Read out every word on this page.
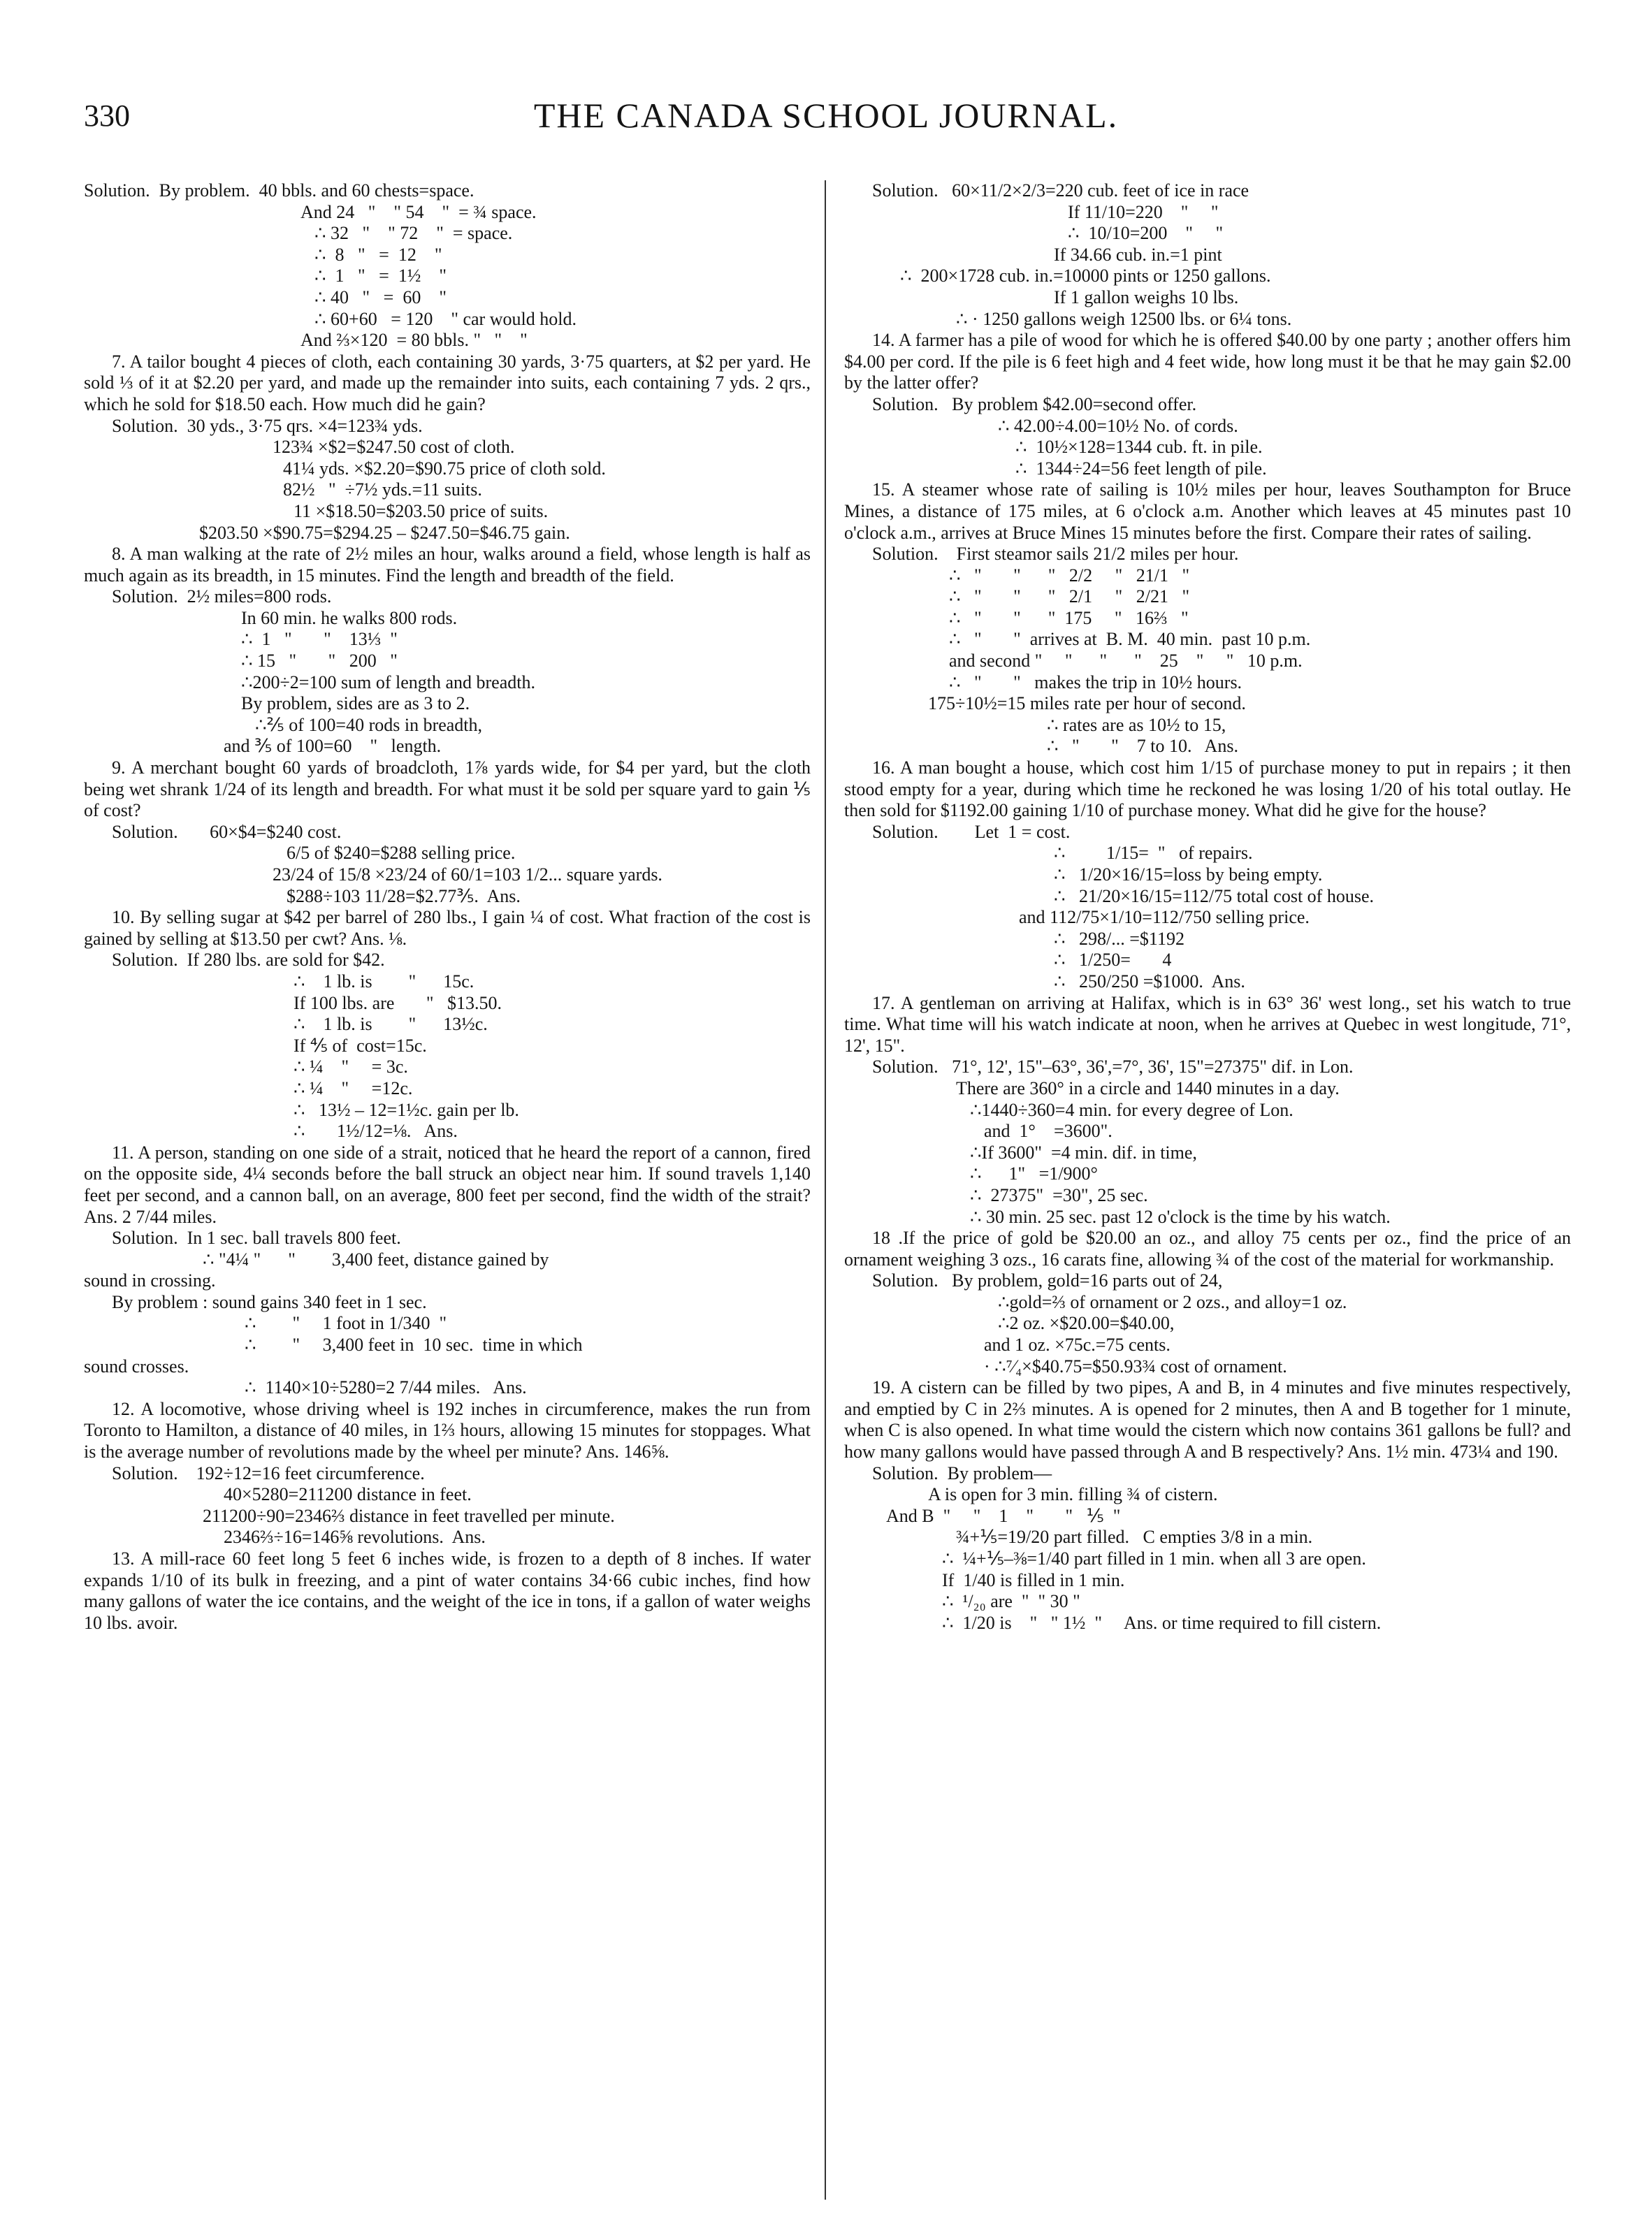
330	THE CANADA SCHOOL JOURNAL.
Solution.  By problem.  40 bbls. and 60 chests=space.
And 24   "    " 54    "  = ¾ space.
∴ 32   "    " 72    "  = space.
∴  8   "   =  12    "
∴  1   "   =  1½    "
∴ 40   "   =  60    "
∴ 60+60   = 120    " car would hold.
And ⅔×120  = 80 bbls. "   "    "
7. A tailor bought 4 pieces of cloth, each containing 30 yards, 3·75 quarters, at $2 per yard. He sold ⅓ of it at $2.20 per yard, and made up the remainder into suits, each containing 7 yds. 2 qrs., which he sold for $18.50 each. How much did he gain?
Solution.  30 yds., 3·75 qrs. ×4=123¾ yds.
123¾ ×$2=$247.50 cost of cloth.
41¼ yds. ×$2.20=$90.75 price of cloth sold.
82½   "  ÷7½ yds.=11 suits.
11 ×$18.50=$203.50 price of suits.
$203.50 ×$90.75=$294.25 – $247.50=$46.75 gain.
8. A man walking at the rate of 2½ miles an hour, walks around a field, whose length is half as much again as its breadth, in 15 minutes. Find the length and breadth of the field.
Solution.  2½ miles=800 rods.
In 60 min. he walks 800 rods.
∴  1   "       "    13⅓  "
∴ 15   "       "   200   "
∴200÷2=100 sum of length and breadth.
By problem, sides are as 3 to 2.
∴⅖ of 100=40 rods in breadth,
and ⅗ of 100=60    "   length.
9. A merchant bought 60 yards of broadcloth, 1⅞ yards wide, for $4 per yard, but the cloth being wet shrank 1/24 of its length and breadth. For what must it be sold per square yard to gain ⅕ of cost?
Solution.       60×$4=$240 cost.
6/5 of $240=$288 selling price.
23/24 of 15/8 ×23/24 of 60/1=103 1/2... square yards.
$288÷103 11/28=$2.77⅗.  Ans.
10. By selling sugar at $42 per barrel of 280 lbs., I gain ¼ of cost. What fraction of the cost is gained by selling at $13.50 per cwt? Ans. ⅛.
Solution.  If 280 lbs. are sold for $42.
∴    1 lb. is        "      15c.
If 100 lbs. are       "   $13.50.
∴    1 lb. is        "      13½c.
If ⅘ of  cost=15c.
∴ ¼    "     = 3c.
∴ ¼    "     =12c.
∴   13½ – 12=1½c. gain per lb.
∴       1½/12=⅛.   Ans.
11. A person, standing on one side of a strait, noticed that he heard the report of a cannon, fired on the opposite side, 4¼ seconds before the ball struck an object near him. If sound travels 1,140 feet per second, and a cannon ball, on an average, 800 feet per second, find the width of the strait? Ans. 2 7/44 miles.
Solution.  In 1 sec. ball travels 800 feet.
∴ "4¼ "      "        3,400 feet, distance gained by
sound in crossing.
By problem : sound gains 340 feet in 1 sec.
∴        "     1 foot in 1/340  "
∴        "     3,400 feet in  10 sec.  time in which
sound crosses.
∴  1140×10÷5280=2 7/44 miles.   Ans.
12. A locomotive, whose driving wheel is 192 inches in circumference, makes the run from Toronto to Hamilton, a distance of 40 miles, in 1⅔ hours, allowing 15 minutes for stoppages. What is the average number of revolutions made by the wheel per minute? Ans. 146⅝.
Solution.    192÷12=16 feet circumference.
40×5280=211200 distance in feet.
211200÷90=2346⅔ distance in feet travelled per minute.
2346⅔÷16=146⅝ revolutions.  Ans.
13. A mill-race 60 feet long 5 feet 6 inches wide, is frozen to a depth of 8 inches. If water expands 1/10 of its bulk in freezing, and a pint of water contains 34·66 cubic inches, find how many gallons of water the ice contains, and the weight of the ice in tons, if a gallon of water weighs 10 lbs. avoir.
Solution.   60×11/2×2/3=220 cub. feet of ice in race
If 11/10=220    "     "
∴  10/10=200    "     "
If 34.66 cub. in.=1 pint
∴  200×1728 cub. in.=10000 pints or 1250 gallons.
If 1 gallon weighs 10 lbs.
∴ · 1250 gallons weigh 12500 lbs. or 6¼ tons.
14. A farmer has a pile of wood for which he is offered $40.00 by one party ; another offers him $4.00 per cord. If the pile is 6 feet high and 4 feet wide, how long must it be that he may gain $2.00 by the latter offer?
Solution.   By problem $42.00=second offer.
∴ 42.00÷4.00=10½ No. of cords.
∴  10½×128=1344 cub. ft. in pile.
∴  1344÷24=56 feet length of pile.
15. A steamer whose rate of sailing is 10½ miles per hour, leaves Southampton for Bruce Mines, a distance of 175 miles, at 6 o'clock a.m. Another which leaves at 45 minutes past 10 o'clock a.m., arrives at Bruce Mines 15 minutes before the first. Compare their rates of sailing.
Solution.    First steamor sails 21/2 miles per hour.
∴   "       "      "   2/2     "   21/1   "
∴   "       "      "   2/1     "   2/21   "
∴   "       "      "  175     "   16⅔   "
∴   "       "  arrives at  B. M.  40 min.  past 10 p.m.
and second "     "      "      "    25    "     "   10 p.m.
∴   "       "   makes the trip in 10½ hours.
175÷10½=15 miles rate per hour of second.
∴ rates are as 10½ to 15,
∴   "       "    7 to 10.   Ans.
16. A man bought a house, which cost him 1/15 of purchase money to put in repairs ; it then stood empty for a year, during which time he reckoned he was losing 1/20 of his total outlay. He then sold for $1192.00 gaining 1/10 of purchase money. What did he give for the house?
Solution.        Let  1 = cost.
∴         1/15=  "   of repairs.
∴   1/20×16/15=loss by being empty.
∴   21/20×16/15=112/75 total cost of house.
and 112/75×1/10=112/750 selling price.
∴   298/... =$1192
∴   1/250=       4
∴   250/250 =$1000.  Ans.
17. A gentleman on arriving at Halifax, which is in 63° 36' west long., set his watch to true time. What time will his watch indicate at noon, when he arrives at Quebec in west longitude, 71°, 12', 15".
Solution.   71°, 12', 15"–63°, 36',=7°, 36', 15"=27375" dif. in Lon.
There are 360° in a circle and 1440 minutes in a day.
∴1440÷360=4 min. for every degree of Lon.
and  1°    =3600".
∴If 3600"  =4 min. dif. in time,
∴      1"   =1/900°
∴  27375"  =30", 25 sec.
∴ 30 min. 25 sec. past 12 o'clock is the time by his watch.
18 .If the price of gold be $20.00 an oz., and alloy 75 cents per oz., find the price of an ornament weighing 3 ozs., 16 carats fine, allowing ¾ of the cost of the material for workmanship.
Solution.   By problem, gold=16 parts out of 24,
∴gold=⅔ of ornament or 2 ozs., and alloy=1 oz.
∴2 oz. ×$20.00=$40.00,
and 1 oz. ×75c.=75 cents.
· ∴⁷⁄₄×$40.75=$50.93¾ cost of ornament.
19. A cistern can be filled by two pipes, A and B, in 4 minutes and five minutes respectively, and emptied by C in 2⅔ minutes. A is opened for 2 minutes, then A and B together for 1 minute, when C is also opened. In what time would the cistern which now contains 361 gallons be full? and how many gallons would have passed through A and B respectively? Ans. 1½ min. 473¼ and 190.
Solution.  By problem—
A is open for 3 min. filling ¾ of cistern.
And B  "     "    1    "       "   ⅕  "
¾+⅕=19/20 part filled.   C empties 3/8 in a min.
∴  ¼+⅕–⅜=1/40 part filled in 1 min. when all 3 are open.
If  1/40 is filled in 1 min.
∴  ¹/₂₀ are  "  " 30 "
∴  1/20 is    "   " 1½  "     Ans. or time required to fill cistern.
